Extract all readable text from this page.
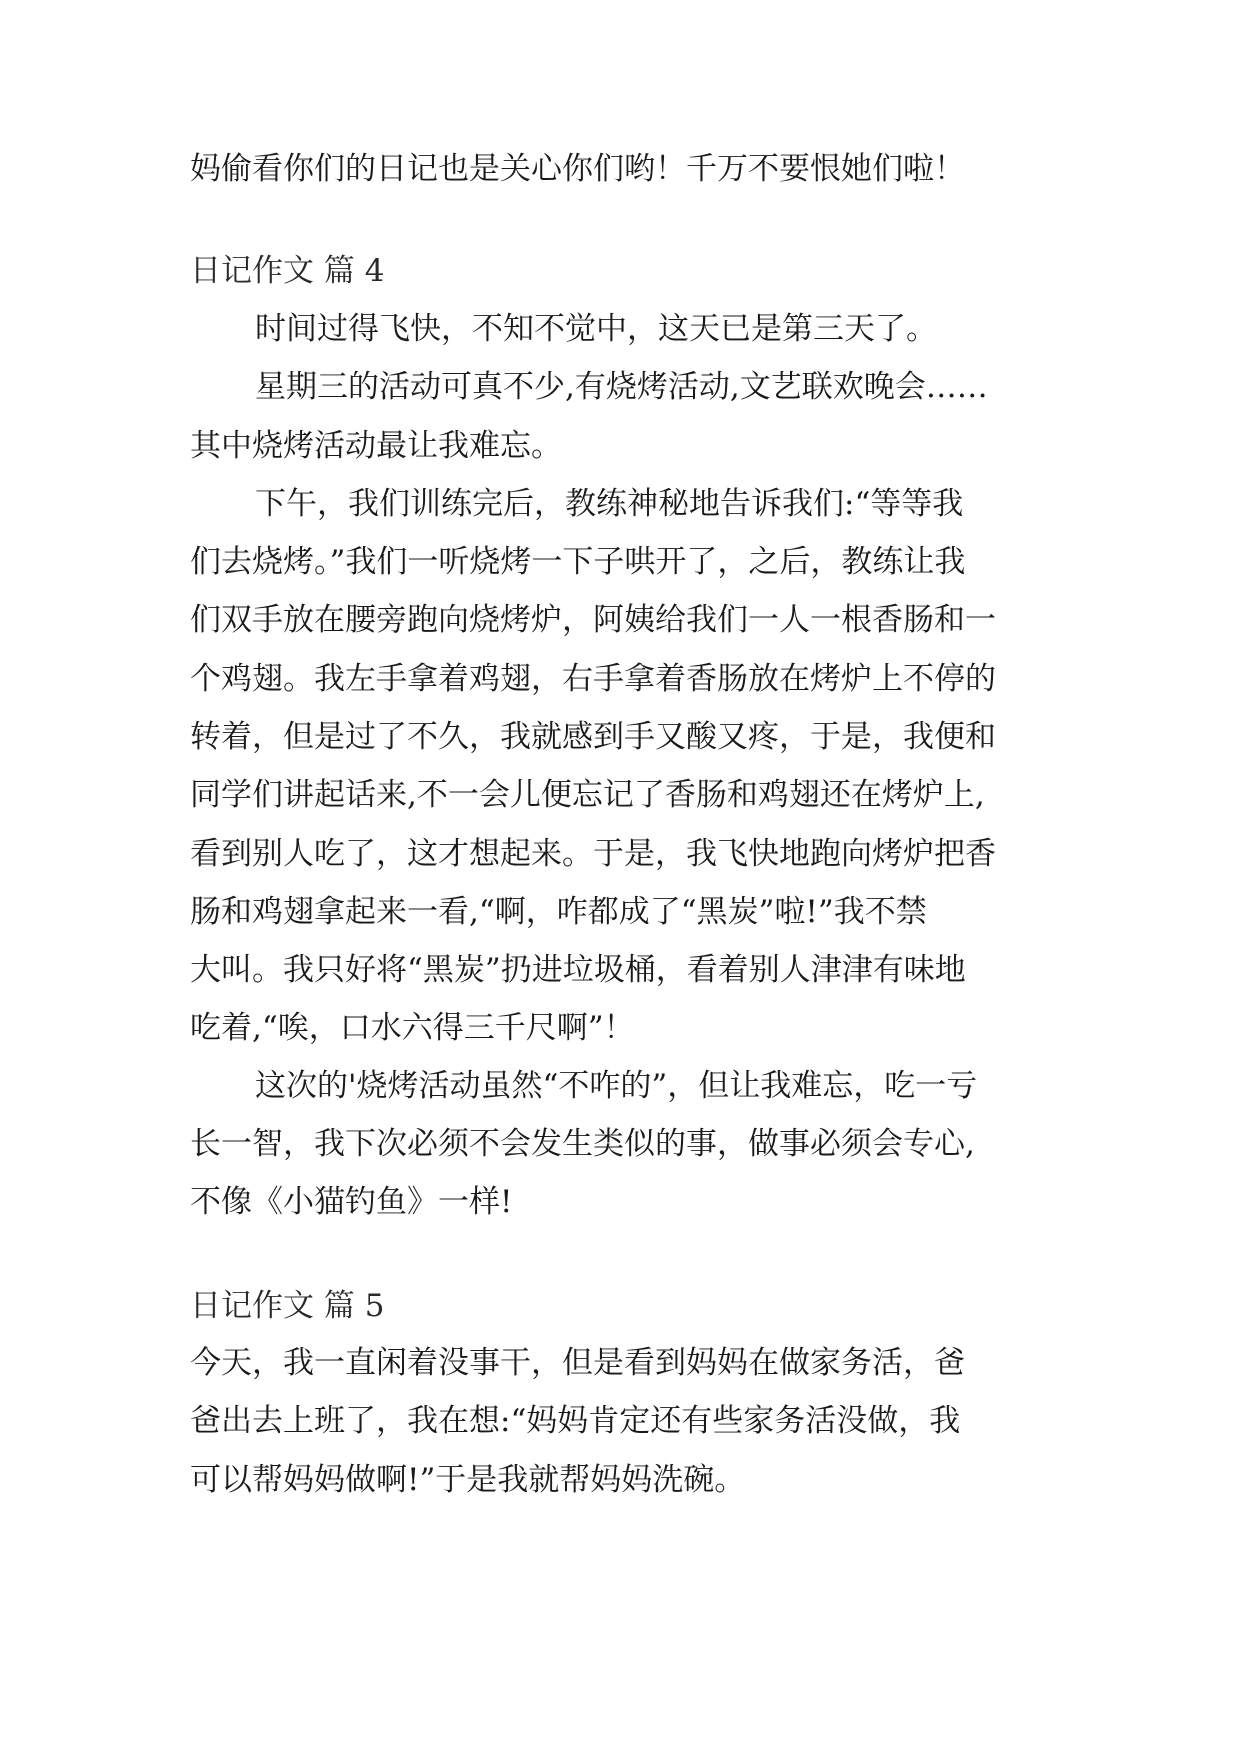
妈偷看你们的日记也是关心你们哟！千万不要恨她们啦！
日记作文 篇 4
时间过得飞快，不知不觉中，这天已是第三天了。
星期三的活动可真不少,有烧烤活动,文艺联欢晚会……
其中烧烤活动最让我难忘。
下午，我们训练完后，教练神秘地告诉我们:“等等我
们去烧烤。”我们一听烧烤一下子哄开了，之后，教练让我
们双手放在腰旁跑向烧烤炉，阿姨给我们一人一根香肠和一
个鸡翅。我左手拿着鸡翅，右手拿着香肠放在烤炉上不停的
转着，但是过了不久，我就感到手又酸又疼，于是，我便和
同学们讲起话来,不一会儿便忘记了香肠和鸡翅还在烤炉上,
看到别人吃了，这才想起来。于是，我飞快地跑向烤炉把香
肠和鸡翅拿起来一看,“啊，咋都成了“黑炭”啦!”我不禁
大叫。我只好将“黑炭”扔进垃圾桶，看着别人津津有味地
吃着,“唉，口水六得三千尺啊”！
这次的'烧烤活动虽然“不咋的”，但让我难忘，吃一亏
长一智，我下次必须不会发生类似的事，做事必须会专心,
不像《小猫钓鱼》一样!
日记作文 篇 5
今天，我一直闲着没事干，但是看到妈妈在做家务活，爸
爸出去上班了，我在想:“妈妈肯定还有些家务活没做，我
可以帮妈妈做啊!”于是我就帮妈妈洗碗。
